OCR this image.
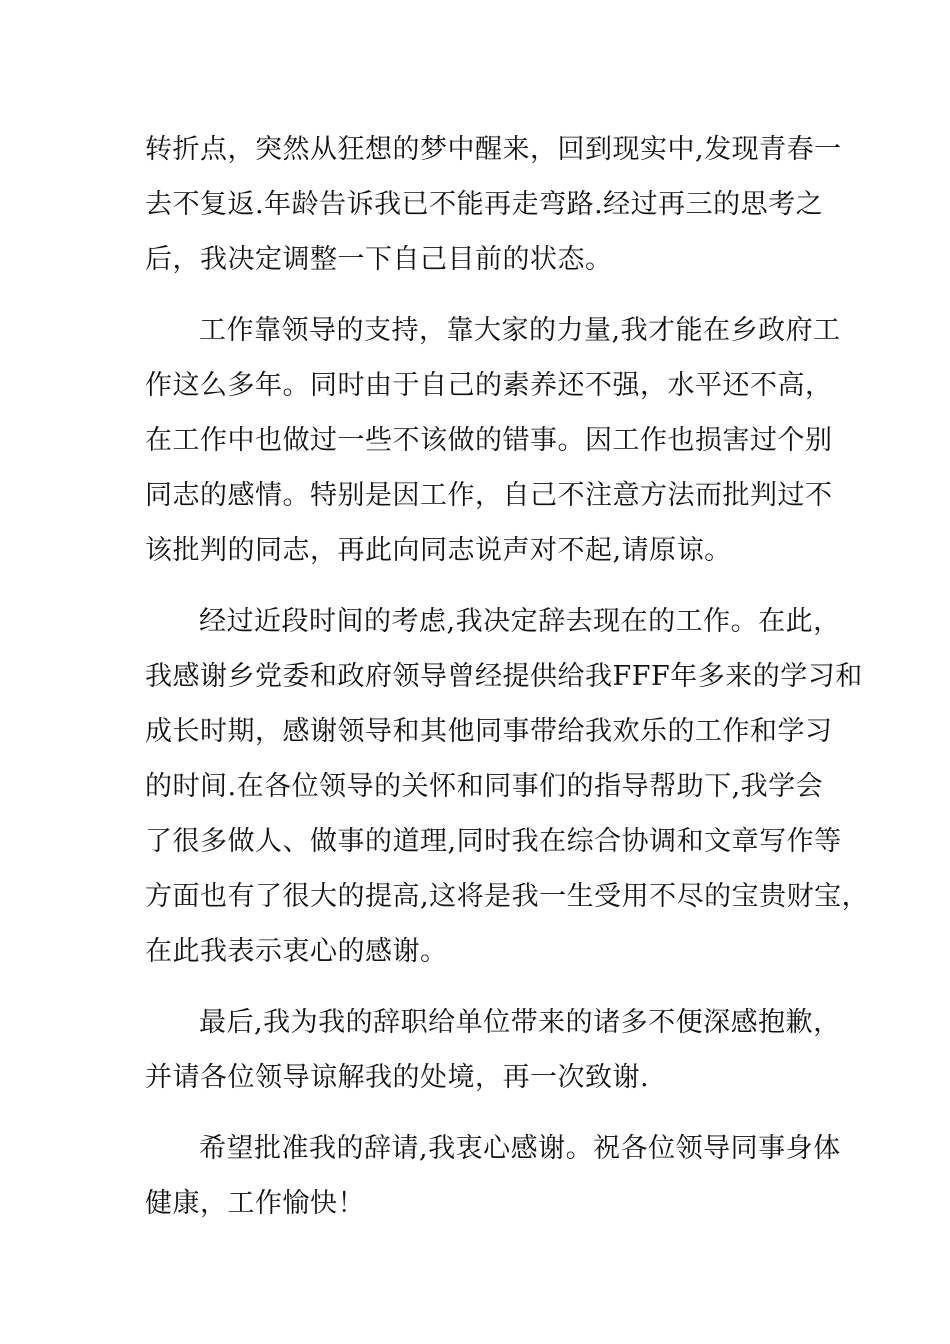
转折点，突然从狂想的梦中醒来，回到现实中,发现青春一
去不复返.年龄告诉我已不能再走弯路.经过再三的思考之
后，我决定调整一下自己目前的状态。
工作靠领导的支持，靠大家的力量,我才能在乡政府工
作这么多年。同时由于自己的素养还不强，水平还不高，
在工作中也做过一些不该做的错事。因工作也损害过个别
同志的感情。特别是因工作，自己不注意方法而批判过不
该批判的同志，再此向同志说声对不起,请原谅。
经过近段时间的考虑,我决定辞去现在的工作。在此，
我感谢乡党委和政府领导曾经提供给我FFF年多来的学习和
成长时期，感谢领导和其他同事带给我欢乐的工作和学习
的时间.在各位领导的关怀和同事们的指导帮助下,我学会
了很多做人、做事的道理,同时我在综合协调和文章写作等
方面也有了很大的提高,这将是我一生受用不尽的宝贵财宝，
在此我表示衷心的感谢。
最后,我为我的辞职给单位带来的诸多不便深感抱歉，
并请各位领导谅解我的处境，再一次致谢.
希望批准我的辞请,我衷心感谢。祝各位领导同事身体
健康，工作愉快！
